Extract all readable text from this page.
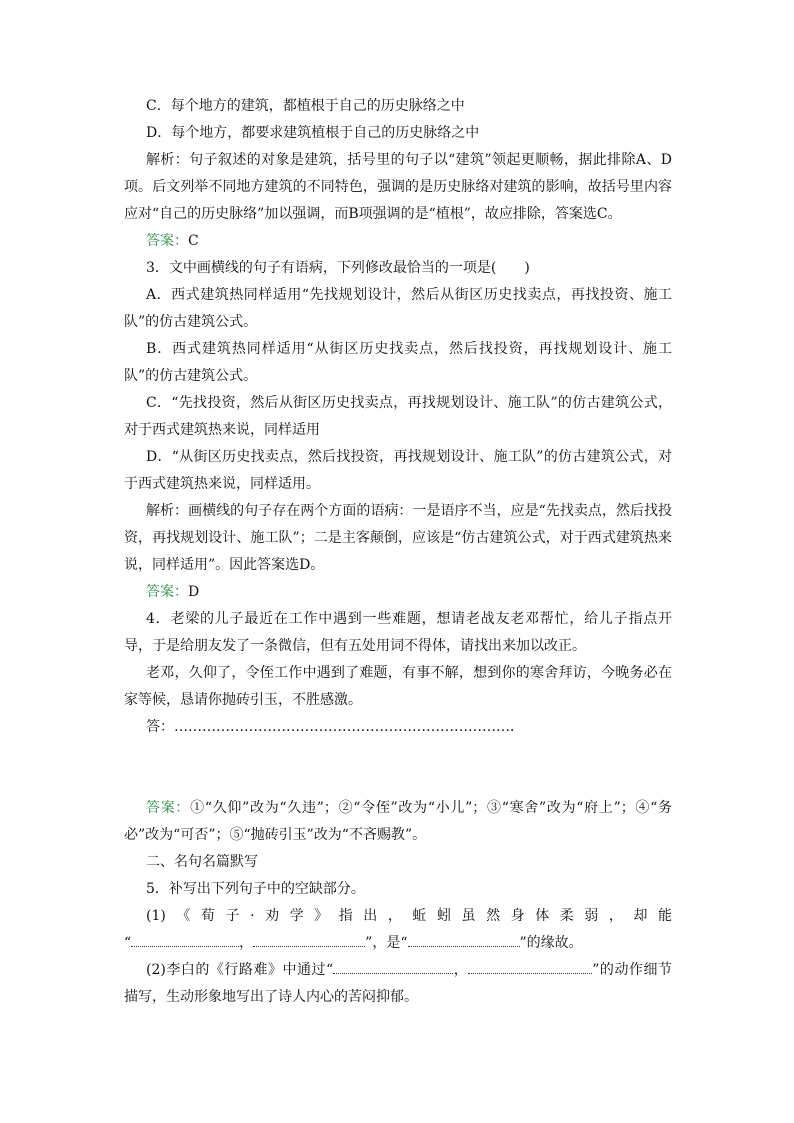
C．每个地方的建筑，都植根于自己的历史脉络之中

D．每个地方，都要求建筑植根于自己的历史脉络之中

解析：句子叙述的对象是建筑，括号里的句子以“建筑”领起更顺畅，据此排除A、D项。后文列举不同地方建筑的不同特色，强调的是历史脉络对建筑的影响，故括号里内容应对“自己的历史脉络”加以强调，而B项强调的是“植根”，故应排除，答案选C。

答案：C

3．文中画横线的句子有语病，下列修改最恰当的一项是(　　)

A．西式建筑热同样适用“先找规划设计，然后从街区历史找卖点，再找投资、施工队”的仿古建筑公式。

B．西式建筑热同样适用“从街区历史找卖点，然后找投资，再找规划设计、施工队”的仿古建筑公式。

C．“先找投资，然后从街区历史找卖点，再找规划设计、施工队”的仿古建筑公式，对于西式建筑热来说，同样适用

D．“从街区历史找卖点，然后找投资，再找规划设计、施工队”的仿古建筑公式，对于西式建筑热来说，同样适用。

解析：画横线的句子存在两个方面的语病：一是语序不当，应是“先找卖点，然后找投资，再找规划设计、施工队”；二是主客颠倒，应该是“仿古建筑公式，对于西式建筑热来说，同样适用”。因此答案选D。

答案：D

4．老梁的儿子最近在工作中遇到一些难题，想请老战友老邓帮忙，给儿子指点开导，于是给朋友发了一条微信，但有五处用词不得体，请找出来加以改正。

老邓，久仰了，令侄工作中遇到了难题，有事不解，想到你的寒舍拜访，今晚务必在家等候，恳请你抛砖引玉，不胜感激。

答：………………………………………………………………．

答案：①“久仰”改为“久违”；②“令侄”改为“小儿”；③“寒舍”改为“府上”；④“务必”改为“可否”；⑤“抛砖引玉”改为“不吝赐教”。

二、名句名篇默写

5．补写出下列句子中的空缺部分。

(1)《荀子·劝学》指出，蚯蚓虽然身体柔弱，却能

“	，	”，是“	”的缘故。

(2)李白的《行路难》中通过“	，	”的动作细节描写，生动形象地写出了诗人内心的苦闷抑郁。
